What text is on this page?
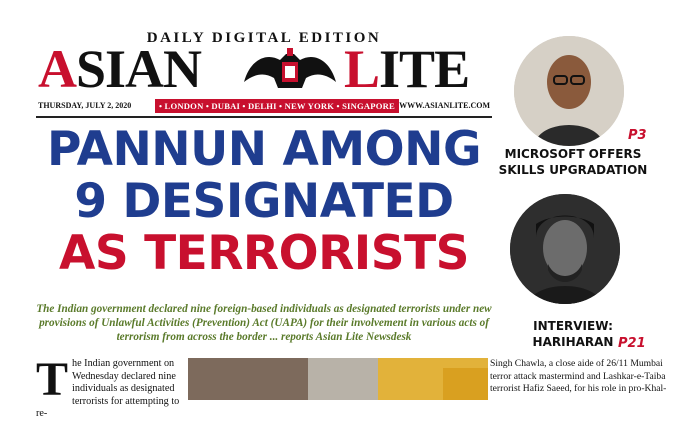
DAILY DIGITAL EDITION
ASIAN	LITE
THURSDAY, JULY 2, 2020	• LONDON • DUBAI • DELHI • NEW YORK • SINGAPORE WWW.ASIANLITE.COM
PANNUN AMONG
9 DESIGNATED
AS TERRORISTS
The Indian government declared nine foreign-based individuals as designated terrorists under new provisions of Unlawful Activities (Prevention) Act (UAPA) for their involvement in various acts of terrorism from across the border ... reports Asian Lite Newsdesk
T he Indian government on Wednesday declared nine individuals as designated terrorists for attempting to re-
P3
MICROSOFT OFFERS SKILLS UPGRADATION
INTERVIEW: HARIHARAN P21
Singh Chawla, a close aide of 26/11 Mumbai terror attack mastermind and Lashkar-e-Taiba terrorist Hafiz Saeed, for his role in pro-Khal-
